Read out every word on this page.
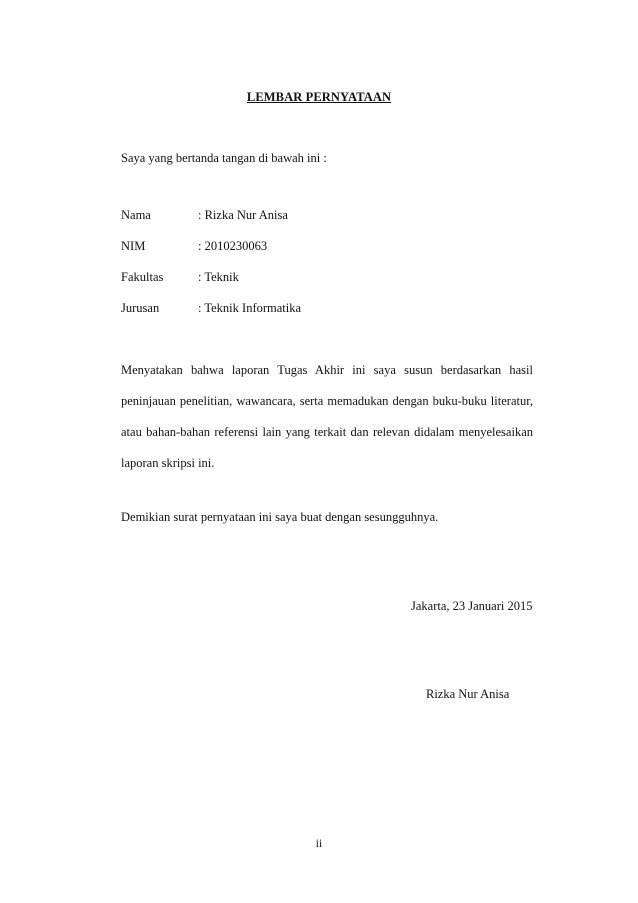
LEMBAR PERNYATAAN
Saya yang bertanda tangan di bawah ini :
Nama	: Rizka Nur Anisa
NIM	: 2010230063
Fakultas	: Teknik
Jurusan	: Teknik Informatika
Menyatakan bahwa laporan Tugas Akhir ini saya susun berdasarkan hasil peninjauan penelitian, wawancara, serta memadukan dengan buku-buku literatur, atau bahan-bahan referensi lain yang terkait dan relevan didalam menyelesaikan laporan skripsi ini.
Demikian surat pernyataan ini saya buat dengan sesungguhnya.
Jakarta, 23 Januari 2015
Rizka Nur Anisa
ii
